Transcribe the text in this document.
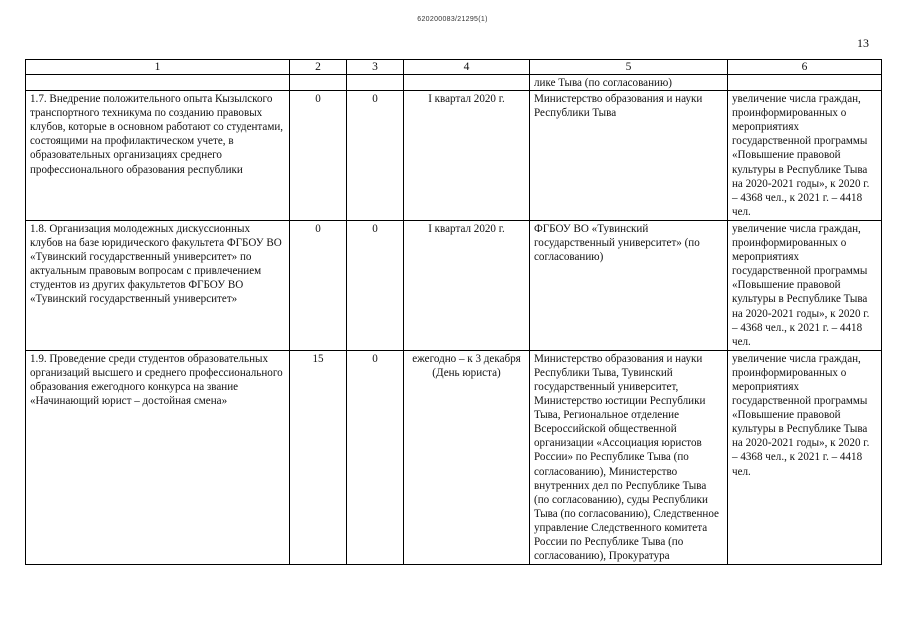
620200083/21295(1)
13
1	2	3	4	5	6
				лике Тыва (по согласованию)	
1.7. Внедрение положительного опыта Кызылского транспортного техникума по созданию правовых клубов, которые в основном работают со студентами, состоящими на профилактическом учете, в образовательных организациях среднего профессионального образования республики	0	0	I квартал 2020 г.	Министерство образования и науки Республики Тыва	увеличение числа граждан, проинформированных о мероприятиях государственной программы «Повышение правовой культуры в Республике Тыва на 2020-2021 годы», к 2020 г. – 4368 чел., к 2021 г. – 4418 чел.
1.8. Организация молодежных дискуссионных клубов на базе юридического факультета ФГБОУ ВО «Тувинский государственный университет» по актуальным правовым вопросам с привлечением студентов из других факультетов ФГБОУ ВО «Тувинский государственный университет»	0	0	I квартал 2020 г.	ФГБОУ ВО «Тувинский государственный университет» (по согласованию)	увеличение числа граждан, проинформированных о мероприятиях государственной программы «Повышение правовой культуры в Республике Тыва на 2020-2021 годы», к 2020 г. – 4368 чел., к 2021 г. – 4418 чел.
1.9. Проведение среди студентов образовательных организаций высшего и среднего профессионального образования ежегодного конкурса на звание «Начинающий юрист – достойная смена»	15	0	ежегодно – к 3 декабря (День юриста)	Министерство образования и науки Республики Тыва, Тувинский государственный университет, Министерство юстиции Республики Тыва, Региональное отделение Всероссийской общественной организации «Ассоциация юристов России» по Республике Тыва (по согласованию), Министерство внутренних дел по Республике Тыва (по согласованию), суды Республики Тыва (по согласованию), Следственное управление Следственного комитета России по Республике Тыва (по согласованию), Прокуратура	увеличение числа граждан, проинформированных о мероприятиях государственной программы «Повышение правовой культуры в Республике Тыва на 2020-2021 годы», к 2020 г. – 4368 чел., к 2021 г. – 4418 чел.
